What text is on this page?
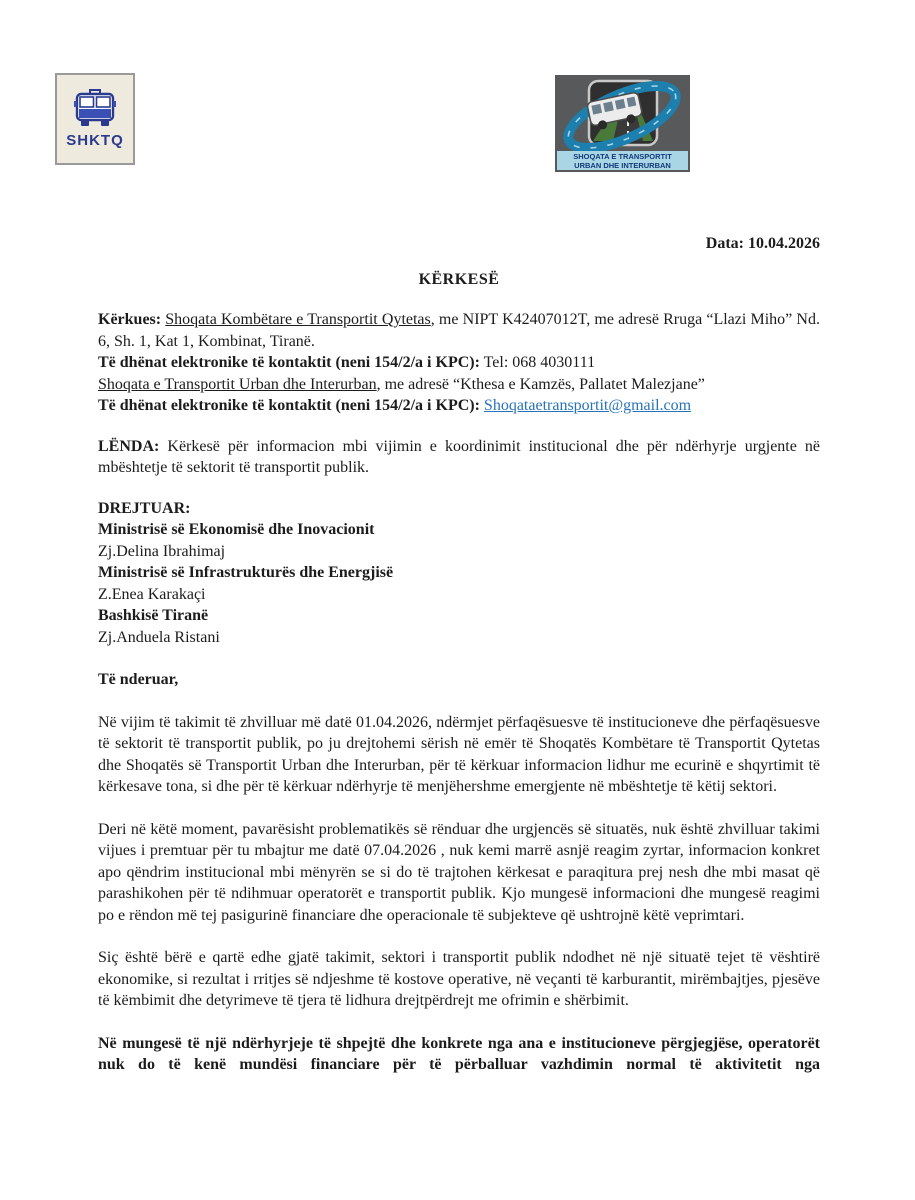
SHKTQ
SHOQATA E TRANSPORTIT
URBAN DHE INTERURBAN
Data: 10.04.2026
KËRKESË

Kërkues: Shoqata Kombëtare e Transportit Qytetas, me NIPT K42407012T, me adresë Rruga “Llazi Miho” Nd. 6, Sh. 1, Kat 1, Kombinat, Tiranë.
Të dhënat elektronike të kontaktit (neni 154/2/a i KPC): Tel: 068 4030111
Shoqata e Transportit Urban dhe Interurban, me adresë “Kthesa e Kamzës, Pallatet Malezjane”
Të dhënat elektronike të kontaktit (neni 154/2/a i KPC): Shoqataetransportit@gmail.com

LËNDA: Kërkesë për informacion mbi vijimin e koordinimit institucional dhe për ndërhyrje urgjente në mbështetje të sektorit të transportit publik.

DREJTUAR:
Ministrisë së Ekonomisë dhe Inovacionit
Zj.Delina Ibrahimaj
Ministrisë së Infrastrukturës dhe Energjisë
Z.Enea Karakaçi
Bashkisë Tiranë
Zj.Anduela Ristani

Të nderuar,
Në vijim të takimit të zhvilluar më datë 01.04.2026, ndërmjet përfaqësuesve të institucioneve dhe përfaqësuesve të sektorit të transportit publik, po ju drejtohemi sërish në emër të Shoqatës Kombëtare të Transportit Qytetas dhe Shoqatës së Transportit Urban dhe Interurban, për të kërkuar informacion lidhur me ecurinë e shqyrtimit të kërkesave tona, si dhe për të kërkuar ndërhyrje të menjëhershme emergjente në mbështetje të këtij sektori.
Deri në këtë moment, pavarësisht problematikës së rënduar dhe urgjencës së situatës, nuk është zhvilluar takimi vijues i premtuar për tu mbajtur me datë 07.04.2026 , nuk kemi marrë asnjë reagim zyrtar, informacion konkret apo qëndrim institucional mbi mënyrën se si do të trajtohen kërkesat e paraqitura prej nesh dhe mbi masat që parashikohen për të ndihmuar operatorët e transportit publik. Kjo mungesë informacioni dhe mungesë reagimi po e rëndon më tej pasigurinë financiare dhe operacionale të subjekteve që ushtrojnë këtë veprimtari.
Siç është bërë e qartë edhe gjatë takimit, sektori i transportit publik ndodhet në një situatë tejet të vështirë ekonomike, si rezultat i rritjes së ndjeshme të kostove operative, në veçanti të karburantit, mirëmbajtjes, pjesëve të këmbimit dhe detyrimeve të tjera të lidhura drejtpërdrejt me ofrimin e shërbimit.
Në mungesë të një ndërhyrjeje të shpejtë dhe konkrete nga ana e institucioneve përgjegjëse, operatorët nuk do të kenë mundësi financiare për të përballuar vazhdimin normal të aktivitetit nga
